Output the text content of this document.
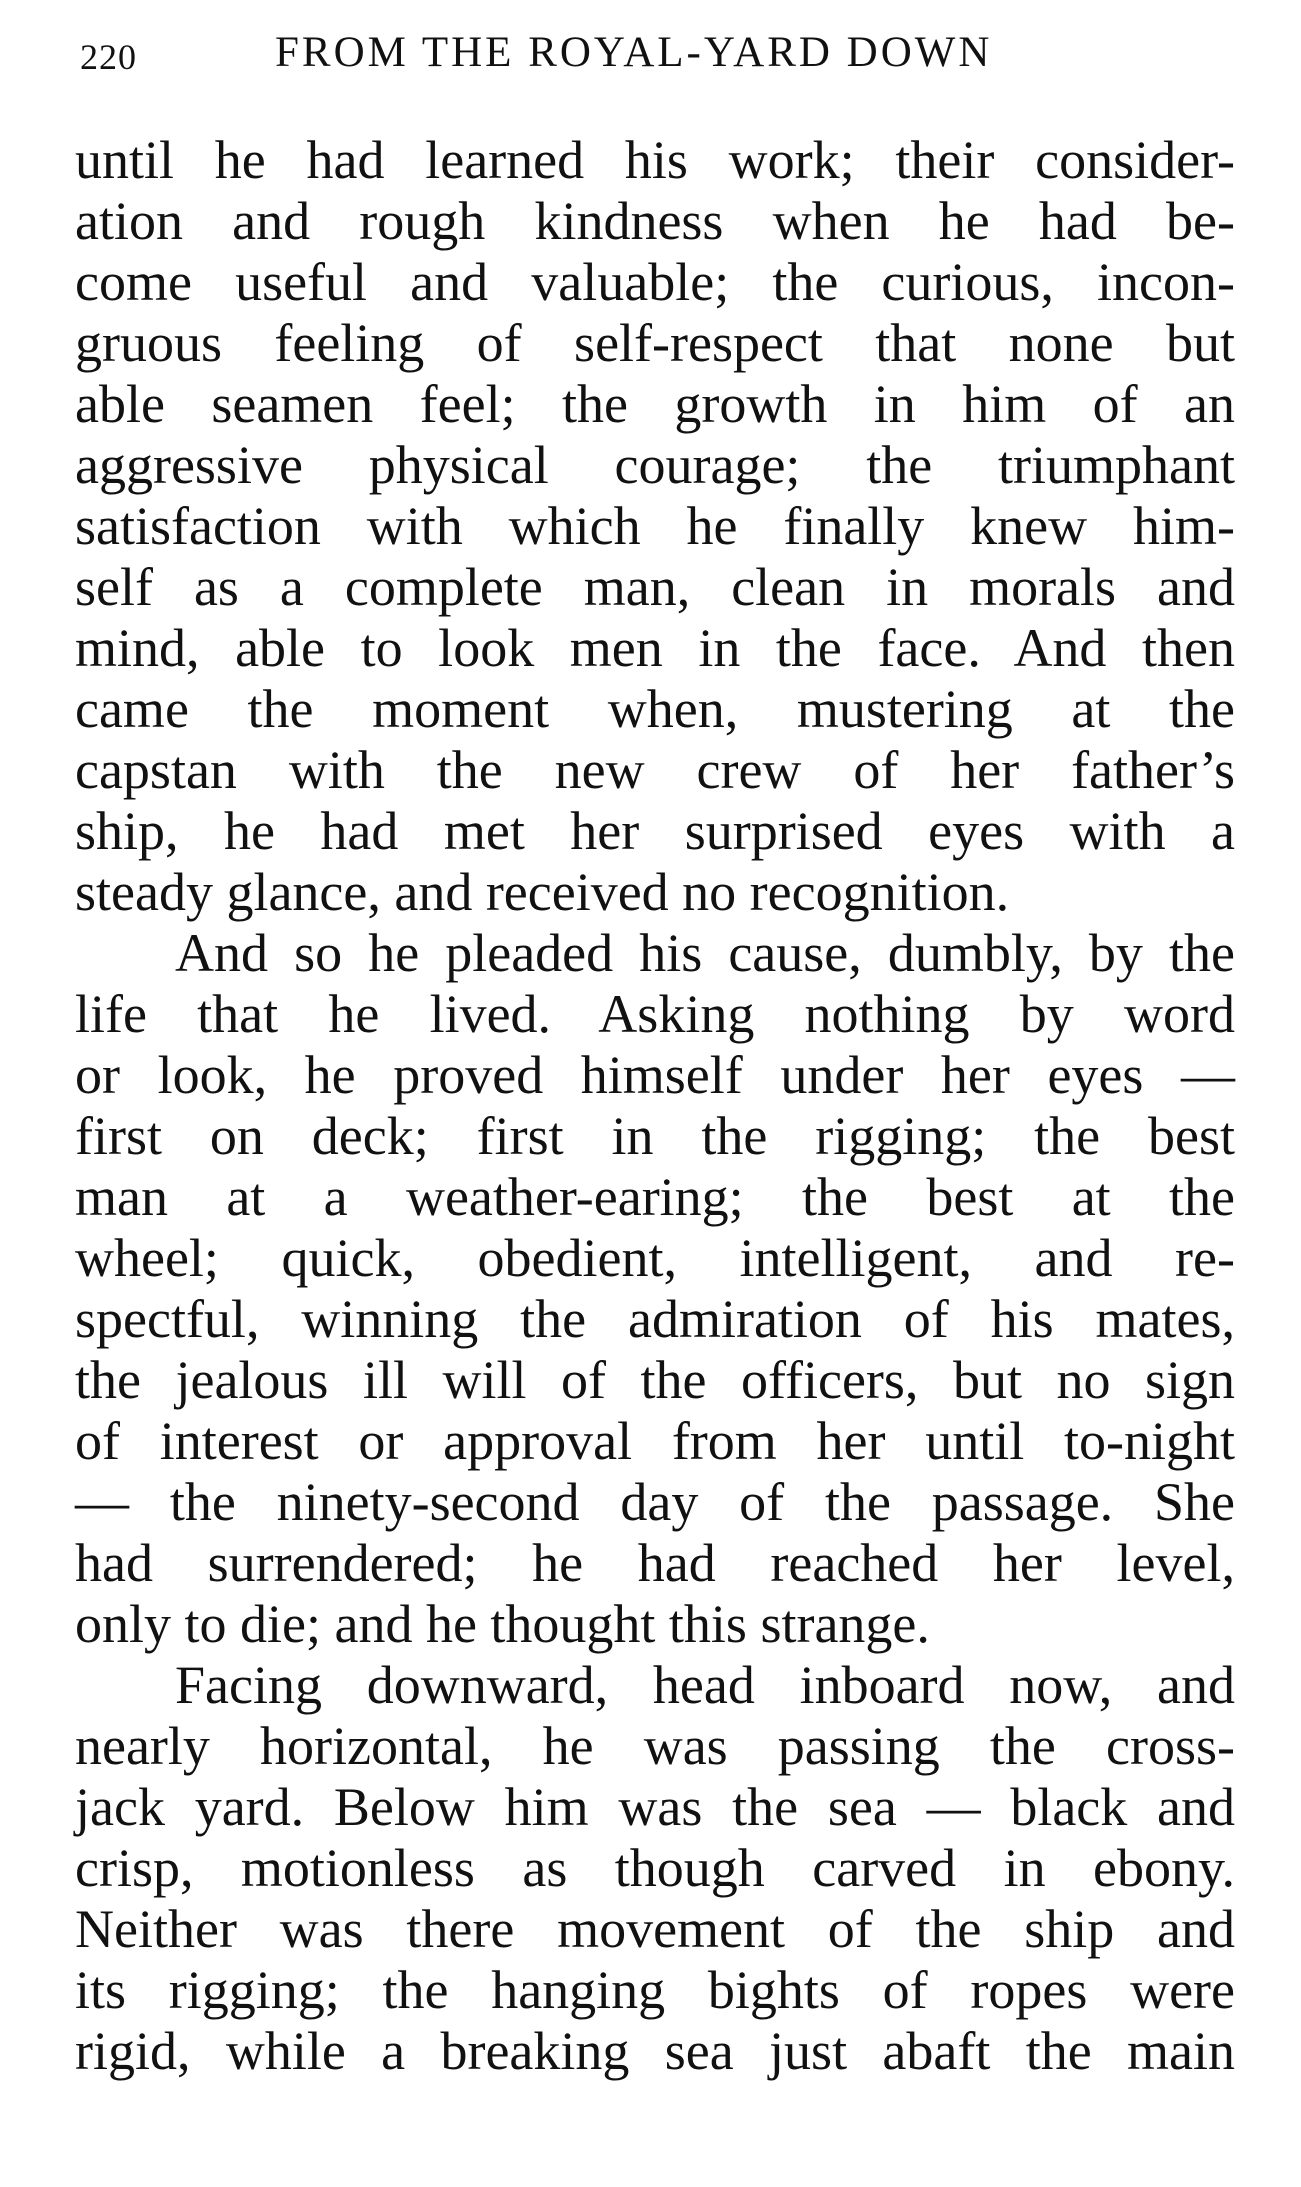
220	FROM THE ROYAL-YARD DOWN
until he had learned his work; their consider-
ation and rough kindness when he had be-
come useful and valuable; the curious, incon-
gruous feeling of self-respect that none but
able seamen feel; the growth in him of an
aggressive physical courage; the triumphant
satisfaction with which he finally knew him-
self as a complete man, clean in morals and
mind, able to look men in the face. And then
came the moment when, mustering at the
capstan with the new crew of her father’s
ship, he had met her surprised eyes with a
steady glance, and received no recognition.
And so he pleaded his cause, dumbly, by the
life that he lived. Asking nothing by word
or look, he proved himself under her eyes —
first on deck; first in the rigging; the best
man at a weather-earing; the best at the
wheel; quick, obedient, intelligent, and re-
spectful, winning the admiration of his mates,
the jealous ill will of the officers, but no sign
of interest or approval from her until to-night
— the ninety-second day of the passage. She
had surrendered; he had reached her level,
only to die; and he thought this strange.
Facing downward, head inboard now, and
nearly horizontal, he was passing the cross-
jack yard. Below him was the sea — black and
crisp, motionless as though carved in ebony.
Neither was there movement of the ship and
its rigging; the hanging bights of ropes were
rigid, while a breaking sea just abaft the main
